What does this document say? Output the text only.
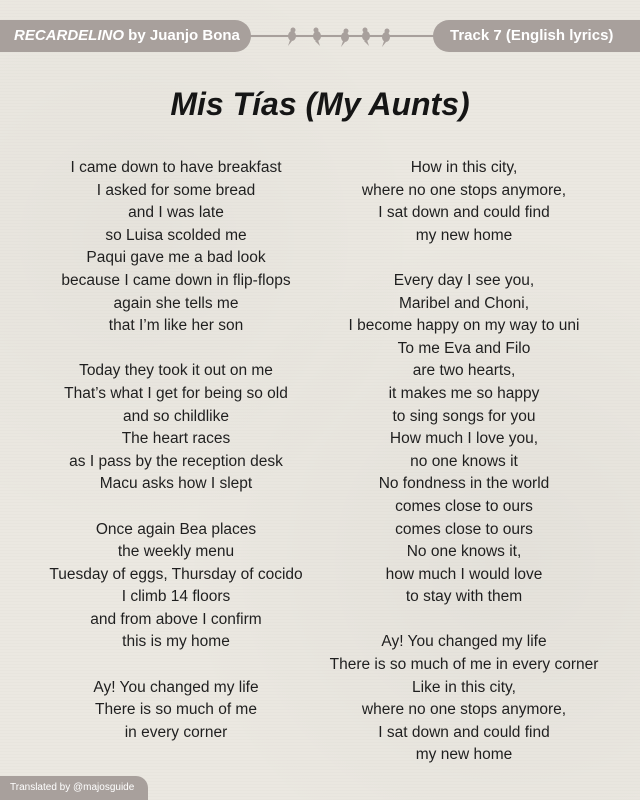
RECARDELINO by Juanjo Bona	Track 7 (English lyrics)
Mis Tías (My Aunts)
I came down to have breakfast
I asked for some bread
and I was late
so Luisa scolded me
Paqui gave me a bad look
because I came down in flip-flops
again she tells me
that I’m like her son
Today they took it out on me
That’s what I get for being so old
and so childlike
The heart races
as I pass by the reception desk
Macu asks how I slept
Once again Bea places
the weekly menu
Tuesday of eggs, Thursday of cocido
I climb 14 floors
and from above I confirm
this is my home
Ay! You changed my life
There is so much of me
in every corner
How in this city,
where no one stops anymore,
I sat down and could find
my new home
Every day I see you,
Maribel and Choni,
I become happy on my way to uni
To me Eva and Filo
are two hearts,
it makes me so happy
to sing songs for you
How much I love you,
no one knows it
No fondness in the world
comes close to ours
comes close to ours
No one knows it,
how much I would love
to stay with them
Ay! You changed my life
There is so much of me in every corner
Like in this city,
where no one stops anymore,
I sat down and could find
my new home
Translated by @majosguide
